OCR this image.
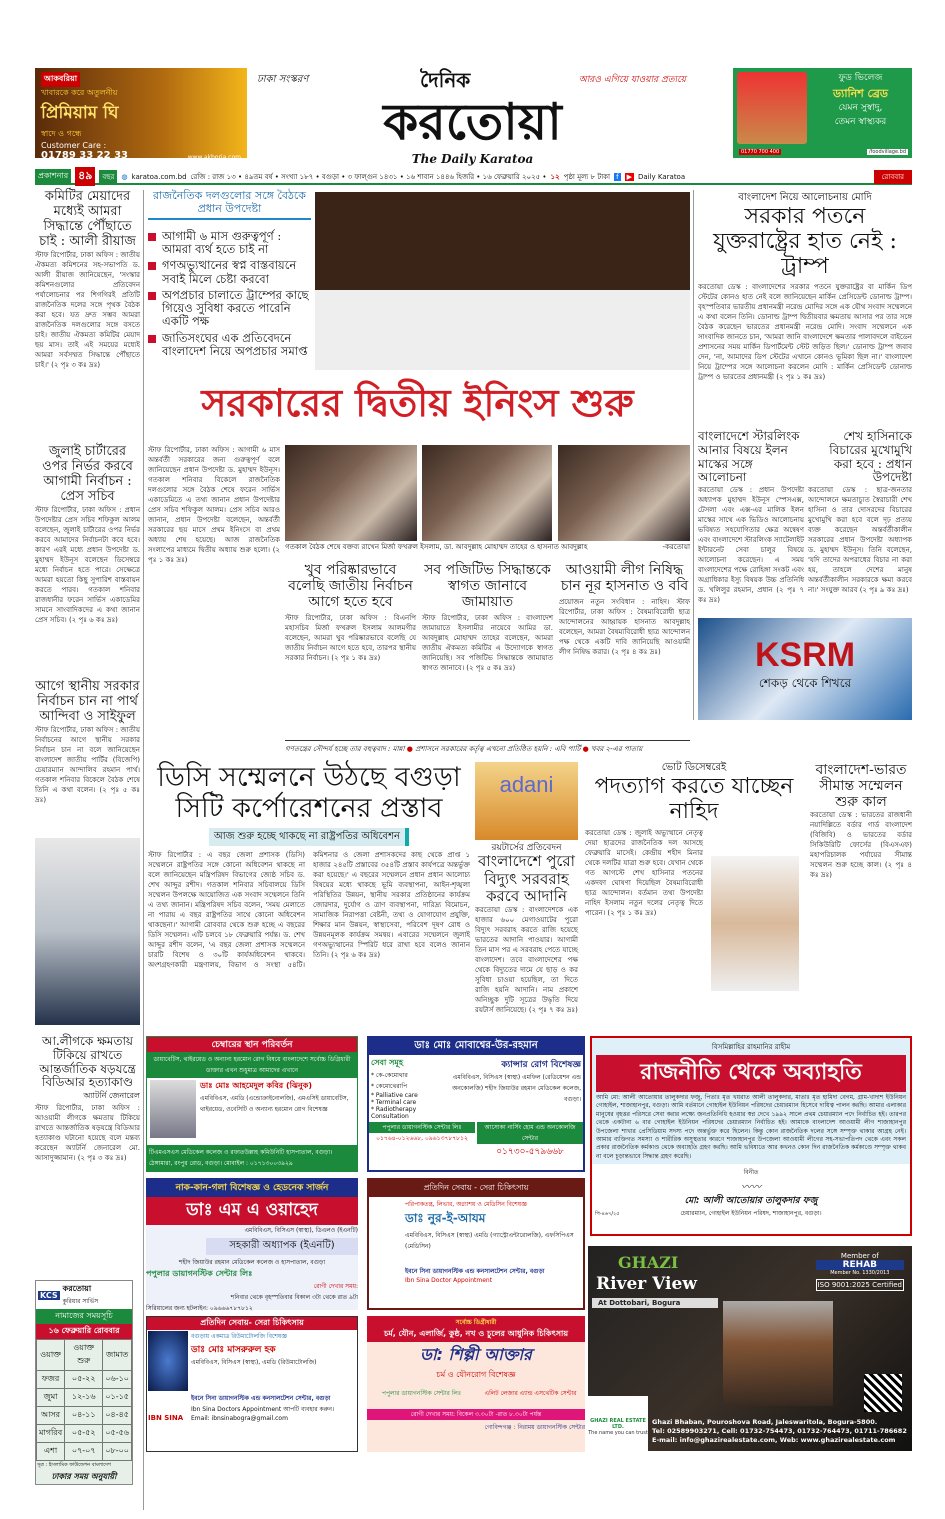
আকবরিয়া
খাবারকে করে অতুলনীয়
প্রিমিয়াম ঘি
স্বাদে ও গন্ধে
Customer Care :
01789 33 22 33	www.akboria.com
ঢাকা সংস্করণ	দৈনিক	আরও এগিয়ে যাওয়ার প্রত্যয়ে
করতোয়া
The Daily Karatoa
ফুড ভিলেজ
ড্যানিশ ব্রেড
যেমন সুস্বাদু,
তেমন স্বাস্থ্যকর
01770 700 400	/foodvillage.bd
প্রকাশনার ৪৯	বছর	◍ karatoa.com.bd রেজি : রাজ ১৩ • ৪৯তম বর্ষ • সংখ্যা ১৮৭ • বগুড়া • ৩ ফাল্গুন ১৪৩১ • ১৬ শাবান ১৪৪৬ হিজরি • ১৬ ফেব্রুয়ারি ২০২৫ • ১২ পৃষ্ঠা মূল্য ৮ টাকা f ▶ Daily Karatoa	রোববার
কমিটির মেয়াদের মধ্যেই আমরা সিদ্ধান্তে পৌঁছাতে চাই : আলী রীয়াজ
স্টাফ রিপোর্টার, ঢাকা অফিস : জাতীয় ঐকমত্য কমিশনের সহ-সভাপতি ড. আলী রীয়াজ জানিয়েছেন, 'সংস্কার কমিশনগুলোর প্রতিবেদন পর্যালোচনার পর শিগগিরই প্রতিটি রাজনৈতিক দলের সঙ্গে পৃথক বৈঠক করা হবে। যত দ্রুত সম্ভব আমরা রাজনৈতিক দলগুলোর সঙ্গে বসতে চাই। জাতীয় ঐকমত্য কমিটির মেয়াদ ছয় মাস। তাই এই সময়ের মধ্যেই আমরা সর্বসম্মত সিদ্ধান্তে পৌঁছাতে চাই।' (২ পৃঃ ৩ কঃ দ্রঃ)
জুলাই চার্টারের ওপর নির্ভর করবে আগামী নির্বাচন : প্রেস সচিব
স্টাফ রিপোর্টার, ঢাকা অফিস : প্রধান উপদেষ্টার প্রেস সচিব শফিকুল আলম বলেছেন, জুলাই চার্টারের ওপর নির্ভর করবে আমাদের নির্বাচনটা কবে হবে। কারণ এরই মধ্যে প্রধান উপদেষ্টা ড. মুহাম্মদ ইউনূস বলেছেন ডিসেম্বরে মধ্যে নির্বাচন হতে পারে। সেক্ষেত্রে আমরা হয়তো কিছু সুপারিশ বাস্তবায়ন করতে পারব। গতকাল শনিবার রাজধানীর ফরেন সার্ভিস একাডেমির সামনে সাংবাদিকদের এ কথা জানান প্রেস সচিব। (২ পৃঃ ৬ কঃ দ্রঃ)
আগে স্থানীয় সরকার নির্বাচন চান না পার্থ আন্দিবা ও সাইফুল
স্টাফ রিপোর্টার, ঢাকা অফিস : জাতীয় নির্বাচনের আগে স্থানীয় সরকার নির্বাচন চান না বলে জানিয়েছেন বাংলাদেশ জাতীয় পার্টির (বিজেপি) চেয়ারম্যান আন্দালিব রহমান পার্থ। গতকাল শনিবার বিকেলে বৈঠক শেষে তিনি এ কথা বলেন। (২ পৃঃ ৫ কঃ দ্রঃ)
আ.লীগকে ক্ষমতায় টিকিয়ে রাখতে আন্তর্জাতিক ষড়যন্ত্রে বিডিআর হত্যাকাণ্ড
অ্যাটর্নি জেনারেল
স্টাফ রিপোর্টার, ঢাকা অফিস : আওয়ামী লীগকে ক্ষমতায় টিকিয়ে রাখতে আন্তর্জাতিক ষড়যন্ত্রে বিডিআর হত্যাকাণ্ড ঘটানো হয়েছে বলে মন্তব্য করেছেন অ্যাটর্নি জেনারেল মো. আসাদুজ্জামান। (২ পৃঃ ৩ কঃ দ্রঃ)
KCS
করতোয়া
কুরিয়ার সার্ভিস
নামাজের সময়সূচি
১৬ ফেব্রুয়ারি রোববার
ওয়াক্ত	ওয়াক্ত শুরু	জামাত
ফজর	০৫-২২	০৬-১০
জুমা	১২-১৬	০১-১৫
আসর	০৪-১১	০৪-৪৫
মাগরিব	০৫-৫২	০৫-৫৬
এশা	০৭-০৭	০৮-০০
সূত্র : ইসলামিক ফাউন্ডেশন বাংলাদেশ
ঢাকার সময় অনুযায়ী
রাজনৈতিক দলগুলোর সঙ্গে বৈঠকে প্রধান উপদেষ্টা
আগামী ৬ মাস গুরুত্বপূর্ণ : আমরা ব্যর্থ হতে চাই না
গণঅভ্যুত্থানের স্বপ্ন বাস্তবায়নে সবাই মিলে চেষ্টা করবো
অপপ্রচার চালাতে ট্রাম্পের কাছে গিয়েও সুবিধা করতে পারেনি একটি পক্ষ
জাতিসংঘের এক প্রতিবেদনে বাংলাদেশ নিয়ে অপপ্রচার সমাপ্ত
সরকারের দ্বিতীয় ইনিংস শুরু
স্টাফ রিপোর্টার, ঢাকা অফিস : আগামী ৬ মাস অন্তর্বর্তী সরকারের জন্য গুরুত্বপূর্ণ বলে জানিয়েছেন প্রধান উপদেষ্টা ড. মুহাম্মদ ইউনূস। গতকাল শনিবার বিকেলে রাজনৈতিক দলগুলোর সঙ্গে বৈঠক শেষে ফরেন সার্ভিস একাডেমিতে এ তথ্য জানান প্রধান উপদেষ্টার প্রেস সচিব শফিকুল আলম। প্রেস সচিব আরও জানান, প্রধান উপদেষ্টা বলেছেন, অন্তর্বর্তী সরকারের ছয় মাসে প্রথম ইনিংসে বা প্রথম অধ্যায় শেষ হয়েছে। আজ রাজনৈতিক সংলাপের মাধ্যমে দ্বিতীয় অধ্যায় শুরু হলো। (২ পৃঃ ১ কঃ দ্রঃ)
গতকাল বৈঠক শেষে বক্তব্য রাখেন মির্জা ফখরুল ইসলাম, ডা. আবদুল্লাহ মোহাম্মদ তাহের ও হাসনাত আবদুল্লাহ	-করতোয়া
খুব পরিষ্কারভাবে বলেছি জাতীয় নির্বাচন আগে হতে হবে
স্টাফ রিপোর্টার, ঢাকা অফিস : বিএনপি মহাসচিব মির্জা ফখরুল ইসলাম আলমগীর বলেছেন, আমরা খুব পরিষ্কারভাবে বলেছি যে জাতীয় নির্বাচন আগে হতে হবে, তারপর স্থানীয় সরকার নির্বাচন। (২ পৃঃ ১ কঃ দ্রঃ)
সব পজিটিভ সিদ্ধান্তকে স্বাগত জানাবে জামায়াত
স্টাফ রিপোর্টার, ঢাকা অফিস : বাংলাদেশ জামায়াতে ইসলামীর নায়েবে আমির ডা. আবদুল্লাহ মোহাম্মদ তাহের বলেছেন, আমরা জাতীয় ঐকমত্য কমিটির এ উদ্যোগকে স্বাগত জানিয়েছি। সব পজিটিভ সিদ্ধান্তকে জামায়াত স্বাগত জানাবে। (২ পৃঃ ৫ কঃ দ্রঃ)
আওয়ামী লীগ নিষিদ্ধ চান নূর হাসনাত ও ববি
প্রয়োজন নতুন সংবিধান : নাহিদ। স্টাফ রিপোর্টার, ঢাকা অফিস : বৈষম্যবিরোধী ছাত্র আন্দোলনের আহ্বায়ক হাসনাত আবদুল্লাহ বলেছেন, আমরা বৈষম্যবিরোধী ছাত্র আন্দোলন পক্ষ থেকে একটি দাবি জানিয়েছি আওয়ামী লীগ নিষিদ্ধ করার। (২ পৃঃ ৪ কঃ দ্রঃ)
গণতন্ত্রের সৌন্দর্য হচ্ছে তার বহুত্ববাদ : মান্না ● প্রশাসনে সরকারের কর্তৃত্ব এখনো প্রতিষ্ঠিত হয়নি : এবি পার্টি ● খবর ২-এর পাতায়
বাংলাদেশ নিয়ে আলোচনায় মোদি
সরকার পতনে যুক্তরাষ্ট্রের হাত নেই : ট্রাম্প
করতোয়া ডেস্ক : বাংলাদেশের সরকার পতনে যুক্তরাষ্ট্রের বা মার্কিন ডিপ স্টেটের কোনও হাত নেই বলে জানিয়েছেন মার্কিন প্রেসিডেন্ট ডোনাল্ড ট্রাম্প। বৃহস্পতিবার ভারতীয় প্রধানমন্ত্রী নরেন্দ্র মোদির সঙ্গে এক যৌথ সংবাদ সম্মেলনে এ কথা বলেন তিনি। ডোনাল্ড ট্রাম্প দ্বিতীয়বার ক্ষমতায় আসার পর তার সঙ্গে বৈঠক করেছেন ভারতের প্রধানমন্ত্রী নরেন্দ্র মোদি। সংবাদ সম্মেলনে এক সাংবাদিক জানতে চান, 'আমরা জানি বাংলাদেশে ক্ষমতার পালাবদলে বাইডেন প্রশাসনের সময় মার্কিন ডিপার্টমেন্ট স্টেট জড়িত ছিল।' ডোনাল্ড ট্রাম্প জবাব দেন, 'না, আমাদের ডিপ স্টেটের এখানে কোনও ভূমিকা ছিল না।' বাংলাদেশ নিয়ে ট্রাম্পের সঙ্গে আলোচনা করলেন মোদি : মার্কিন প্রেসিডেন্ট ডোনাল্ড ট্রাম্প ও ভারতের প্রধানমন্ত্রী (২ পৃঃ ১ কঃ দ্রঃ)
বাংলাদেশে স্টারলিংক আনার বিষয়ে ইলন মাস্কের সঙ্গে আলোচনা
করতোয়া ডেস্ক : প্রধান উপদেষ্টা অধ্যাপক মুহাম্মদ ইউনূস স্পেসএক্স, টেসলা এবং এক্স-এর মালিক ইলন মাস্কের সাথে এক ভিডিও আলোচনায় ভবিষ্যত সহযোগিতার ক্ষেত্র অন্বেষণ এবং বাংলাদেশে স্টারলিংক স্যাটেলাইট ইন্টারনেট সেবা চালুর বিষয়ে আলোচনা করেছেন। এ সময় বাংলাদেশের পক্ষে রোহিঙ্গা সংকট এবং অগ্রাধিকার ইস্যু বিষয়ক উচ্চ প্রতিনিধি ড. খলিলুর রহমান, প্রধান (২ পৃঃ ৭ কঃ দ্রঃ)
শেখ হাসিনাকে বিচারের মুখোমুখি করা হবে : প্রধান উপদেষ্টা
করতোয়া ডেস্ক : ছাত্র-জনতার আন্দোলনে ক্ষমতাচ্যুত স্বৈরাচারী শেখ হাসিনা ও তার দোসরদের বিচারের মুখোমুখি করা হবে বলে দৃঢ় প্রত্যয় ব্যক্ত করেছেন অন্তর্বর্তীকালীন সরকারের প্রধান উপদেষ্টা অধ্যাপক ড. মুহাম্মদ ইউনূস। তিনি বলেছেন, 'যদি তাদের অপরাধের বিচার না করা হয়, তাহলে দেশের মানুষ অন্তর্বর্তীকালীন সরকারকে ক্ষমা করবে না।' সংযুক্ত আরব (২ পৃঃ ৯ কঃ দ্রঃ)
KSRM
শেকড় থেকে শিখরে
ডিসি সম্মেলনে উঠছে বগুড়া সিটি কর্পোরেশনের প্রস্তাব
আজ শুরু হচ্ছে থাকছে না রাষ্ট্রপতির অধিবেশন
স্টাফ রিপোর্টার : এ বছর জেলা প্রশাসক (ডিসি) সম্মেলনে রাষ্ট্রপতির সঙ্গে কোনো অধিবেশন থাকছে না বলে জানিয়েছেন মন্ত্রিপরিষদ বিভাগের জ্যেষ্ঠ সচিব ড. শেখ আব্দুর রশীদ। গতকাল শনিবার সচিবালয়ে ডিসি সম্মেলন উপলক্ষে আয়োজিত এক সংবাদ সম্মেলনে তিনি এ তথ্য জানান। মন্ত্রিপরিষদ সচিব বলেন, 'সময় মেলাতে না পারায় এ বছর রাষ্ট্রপতির সাথে কোনো অধিবেশন থাকছেনা।' আগামী রোববার থেকে শুরু হচ্ছে এ বছরের ডিসি সম্মেলন। এটি চলবে ১৮ ফেব্রুয়ারি পর্যন্ত। ড. শেখ আব্দুর রশীদ বলেন, 'এ বছর জেলা প্রশাসক সম্মেলনে চারটি বিশেষ ও ৩০টি কার্যঅধিবেশন থাকবে। অংশগ্রহণকারী মন্ত্রণালয়, বিভাগ ও সংস্থা ৫৪টি। কমিশনার ও জেলা প্রশাসকদের কাছ থেকে প্রাপ্ত ১ হাজার ২৪৫টি প্রস্তাবের ৩৫৪টি প্রস্তাব কার্যপত্রে অন্তর্ভুক্ত করা হয়েছে।' এ বছরের সম্মেলনে প্রধান প্রধান আলোচ্য বিষয়ের মধ্যে থাকছে ভূমি ব্যবস্থাপনা, আইন-শৃঙ্খলা পরিস্থিতির উন্নয়ন, স্থানীয় সরকার প্রতিষ্ঠানের কার্যক্রম জোরদার, দুর্যোগ ও ত্রাণ ব্যবস্থাপনা, দারিদ্র্য বিমোচন, সামাজিক নিরাপত্তা বেষ্টনী, তথ্য ও যোগাযোগ প্রযুক্তি, শিক্ষার মান উন্নয়ন, স্বাস্থ্যসেবা, পরিবেশ দূষণ রোধ ও উন্নয়নমূলক কার্যক্রম সমন্বয়। এবারের সম্মেলনে জুলাই গণঅভ্যুত্থানের স্পিরিট ধরে রাখা হবে বলেও জানান তিনি। (২ পৃঃ ৬ কঃ দ্রঃ)
adani
রয়টার্সের প্রতিবেদন
বাংলাদেশে পুরো বিদ্যুৎ সরবরাহ করবে আদানি
করতোয়া ডেস্ক : বাংলাদেশকে এক হাজার ৬০০ মেগাওয়াটের পুরো বিদ্যুৎ সরবরাহ করতে রাজি হয়েছে ভারতের আদানি পাওয়ার। আগামী তিন মাস পর এ সরবরাহ পেতে যাচ্ছে বাংলাদেশ। তবে বাংলাদেশের পক্ষ থেকে বিদ্যুতের দামে যে ছাড় ও কর সুবিধা চাওয়া হয়েছিল, তা দিতে রাজি হয়নি আদানি। নাম প্রকাশে অনিচ্ছুক দুটি সূত্রের উদ্ধৃতি দিয়ে রয়টার্স জানিয়েছে। (২ পৃঃ ৭ কঃ দ্রঃ)
ভোট ডিসেম্বরেই
পদত্যাগ করতে যাচ্ছেন নাহিদ
করতোয়া ডেস্ক : জুলাই অভ্যুত্থানে নেতৃত্ব দেয়া ছাত্রদের রাজনৈতিক দল আসছে ফেব্রুয়ারি মাসেই। কেন্দ্রীয় শহীদ মিনার থেকে দলটির যাত্রা শুরু হবে। যেখান থেকে গত আগস্টে শেখ হাসিনার পতনের একদফা ঘোষণা দিয়েছিল বৈষম্যবিরোধী ছাত্র আন্দোলন। বর্তমান তথ্য উপদেষ্টা নাহিদ ইসলাম নতুন দলের নেতৃত্ব দিতে পারেন। (২ পৃঃ ১ কঃ দ্রঃ)
বাংলাদেশ-ভারত সীমান্ত সম্মেলন শুরু কাল
করতোয়া ডেস্ক : ভারতের রাজধানী নয়াদিল্লিতে বর্ডার গার্ড বাংলাদেশ (বিজিবি) ও ভারতের বর্ডার সিকিউরিটি ফোর্সের (বিএসএফ) মহাপরিচালক পর্যায়ের সীমান্ত সম্মেলন শুরু হচ্ছে কাল। (২ পৃঃ ৪ কঃ দ্রঃ)
চেম্বারের স্থান পরিবর্তন
ডায়াবেটিস, থাইরয়েড ও অন্যান্য হরমোন রোগ বিষয়ে বাংলাদেশে সর্বোচ্চ ডিগ্রিধারী ডাক্তার এখন শুধুমাত্র আমাদের এখানে
ডাঃ মোঃ আহমেদুল কবির (ঝিনুক)
এমবিবিএস, এমডি (এন্ডোক্রাইনোলজি), এমএসিই ডায়াবেটিস, থাইরয়েড, ওবেসিটি ও অন্যান্য হরমোন রোগ বিশেষজ্ঞ
টিএমএসএস মেডিকেল কলেজ ও রফাতউল্লাহ কমিউনিটি হাসপাতাল, বগুড়া।
ঠেঙ্গামারা, রংপুর রোড, বগুড়া। মোবাইল : ০১৭১৩০০৩৯২৯
ডাঃ মোঃ মোবাশ্বের-উর-রহমান
সেবা সমূহ
* কে-কেমোথার
* কেমোথেরাপি
* Palliative care
* Terminal care
* Radiotherapy Consultation
ক্যান্সার রোগ বিশেষজ্ঞ
এমবিবিএস, বিসিএস (স্বাস্থ্য) এমফিল (রেডিয়েশন এন্ড অনকোলজি) শহীদ জিয়াউর রহমান মেডিকেল কলেজ, বগুড়া।
পপুলার ডায়াগনস্টিক সেন্টার লিঃ
০১৭৬৪-০১২৬৬৮, ০৯৬১৩৭৮৭৮১২
আসোকা নার্সিং হোম এন্ড অনকোলজি সেন্টার
০১৭৩০-৫৭৯৬৬৮
নাক-কান-গলা বিশেষজ্ঞ ও হেডনেক সার্জন
ডাঃ এম এ ওয়াহেদ
এমবিবিএস, বিসিএস (স্বাস্থ্য), ডিএলও (ইএনটি)
সহকারী অধ্যাপক (ইএনটি)
শহীদ জিয়াউর রহমান মেডিকেল কলেজ ও হাসপাতাল, বগুড়া
পপুলার ডায়াগনস্টিক সেন্টার লিঃ
রোগী দেখার সময়:
শনিবার থেকে বৃহস্পতিবার বিকাল ৩টা থেকে রাত ৯টা
সিরিয়ালের জন্য হটলাইন: ০৯৬৬৬৭৮৭৮১২
প্রতিদিন সেবায় - সেরা চিকিৎসায়
পরিপাকতন্ত্র, লিভার, অগ্ন্যাশয় ও মেডিসিন বিশেষজ্ঞ
ডাঃ নুর-ই-আযম
এমবিবিএস, বিসিএস (স্বাস্থ্য) এমডি (গ্যাস্ট্রোএন্টারোলজি), এফসিপিএস (মেডিসিন)
ইবনে সিনা ডায়াগনস্টিক এন্ড কনসালটেশন সেন্টার, বগুড়া
Ibn Sina Doctor Appointment
প্রতিদিন সেবায়- সেরা চিকিৎসায়
বগুড়ায় একমাত্র রিউমাটোলজি বিশেষজ্ঞ
ডাঃ মোঃ মাসরুরুল হক
এমবিবিএস, বিসিএস (স্বাস্থ্য), এমডি (রিউমাটোলজি)
IBN SINA
ইবনে সিনা ডায়াগনস্টিক এন্ড কনসালটেশন সেন্টার, বগুড়া
Ibn Sina Doctors Appointment আপটি ব্যবহার করুন।
Email: ibnsinabogra@gmail.com
সর্বোচ্চ ডিগ্রীধারী
চর্ম, যৌন, এলার্জি, কুষ্ঠ, নখ ও চুলের আধুনিক চিকিৎসায়
ডা: শিল্পী আক্তার
চর্ম ও যৌনরোগ বিশেষজ্ঞ
পপুলার ডায়াগনস্টিক সেন্টার লিঃ	এলিট লেজার এ্যান্ড এসথেটিক সেন্টার
রোগী দেখার সময়: বিকেল ৩.৩০টা -রাত ৮.৩০টা পর্যন্ত
গোবিন্দগঞ্জ : নিরাময় ডায়াগনস্টিক সেন্টার
বিসমিল্লাহির রাহমানির রাহীম
রাজনীতি থেকে অব্যাহতি
আমি মো: আলী আতোয়ার তালুকদার ফজু, পিতাঃ মৃত খয়রাত আলী তালুকদার, মাতাঃ মৃত হামিদা বেগম, গ্রাম-খাদাশ ইউনিয়ন গোহাইল, শাজাহানপুর, বগুড়া। আমি বর্তমানে গোহাইল ইউনিয়ন পরিষদের চেয়ারম্যান হিসেবে দায়িত্ব পালন করছি। আমার এলাকার মানুষের বৃহত্তর পরিসরে সেবা করার লক্ষ্যে জনপ্রতিনিধি হওয়ার স্বপ্ন দেখে ১৯৯২ সালে প্রথম চেয়ারম্যান পদে নির্বাচিত হই। তারপর থেকে একটানা ৬ বার গোহাইল ইউনিয়ন পরিষদের চেয়ারম্যান নির্বাচিত হই। আমাকে বাংলাদেশ আওয়ামী লীগ শাজাহানপুর উপজেলা শাখার প্রেসিডিয়াম সদস্য পদে অন্তর্ভুক্ত করে ছিলেন। কিন্তু কোন রাজনৈতিক দলের সঙ্গে সম্পৃক্ত থাকার আগ্রহ নেই। আমার ব্যক্তিগত সমস্যা ও শারীরিক অসুস্থতার কারণে শাজাহানপুর উপজেলা আওয়ামী লীগের সহ-সভাপতিপদ থেকে এবং সকল প্রকার রাজনৈতিক কর্মকাণ্ড থেকে অব্যাহতি গ্রহণ করছি। আমি ভবিষ্যতে আর কখনও কোন দিন রাজনৈতিক কর্মকাণ্ডে সম্পৃক্ত থাকব না বলে চূড়ান্তভাবে সিদ্ধান্ত গ্রহণ করেছি।
বিনীত
〰〰
মো: আলী আতোয়ার তালুকদার ফজু
পি-৪৬৭/২৫	চেয়ারম্যান, গোহাইল ইউনিয়ন পরিষদ, শাজাহানপুর, বগুড়া।
GHAZI
River View
At Dottobari, Bogura
Member of
REHAB
Member No. 1330/2013
ISO 9001:2025 Certified
GHAZI REAL ESTATE LTD.
The name you can trust
Ghazi Bhaban, Pouroshova Road, Jaleswaritola, Bogura-5800.
Tel: 02589903271, Cell: 01732-754473, 01732-764473, 01711-786682
E-mail: info@ghazirealestate.com, Web: www.ghazirealestate.com
